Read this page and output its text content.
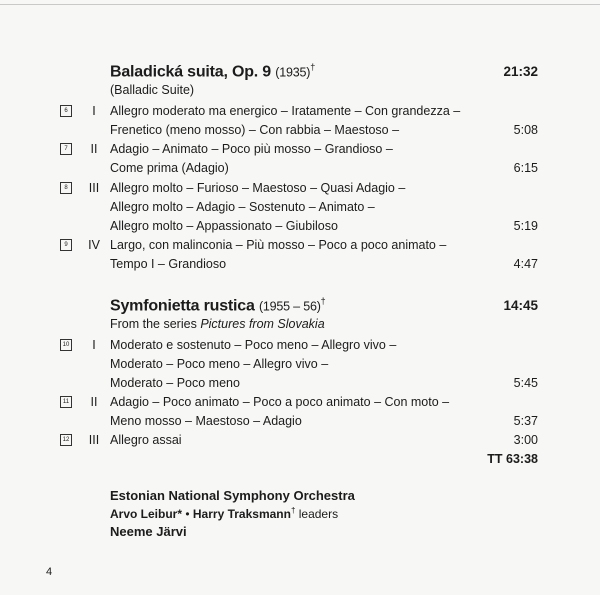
Baladická suita, Op. 9 (1935)†	21:32
(Balladic Suite)
6	I	Allegro moderato ma energico – Iratamente – Con grandezza –
Frenetico (meno mosso) – Con rabbia – Maestoso –	5:08
7	II	Adagio – Animato – Poco più mosso – Grandioso –
Come prima (Adagio)	6:15
8	III Allegro molto – Furioso – Maestoso – Quasi Adagio –
Allegro molto – Adagio – Sostenuto – Animato –
Allegro molto – Appassionato – Giubiloso	5:19
9	IV Largo, con malinconia – Più mosso – Poco a poco animato –
Tempo I – Grandioso	4:47
Symfonietta rustica (1955 – 56)†	14:45
From the series Pictures from Slovakia
10	I	Moderato e sostenuto – Poco meno – Allegro vivo –
Moderato – Poco meno – Allegro vivo –
Moderato – Poco meno	5:45
11	II	Adagio – Poco animato – Poco a poco animato – Con moto –
Meno mosso – Maestoso – Adagio	5:37
12	III Allegro assai	3:00
TT 63:38
Estonian National Symphony Orchestra
Arvo Leibur* • Harry Traksmann† leaders
Neeme Järvi
4
